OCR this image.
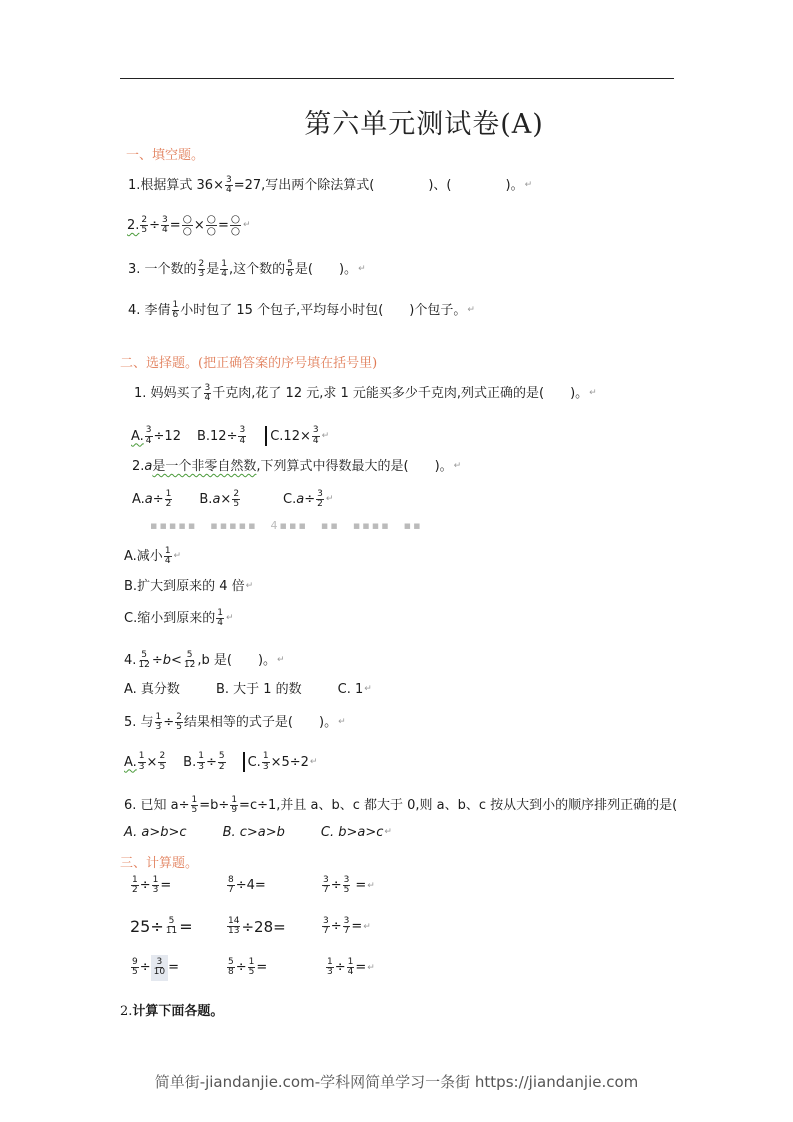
第六单元测试卷(A)
一、填空题。
1.根据算式 $36 \times \frac{3}{4} =27$,写出两个除法算式(	)、(	)。 ↵
2. $\frac{2}{5} \div \frac{3}{4} = \frac{○}{○} \times \frac{○}{○} = \frac{○}{○}$ ↵
3. 一个数的 $\frac{2}{3}$ 是 $\frac{1}{4}$ ,这个数的 $\frac{5}{6}$ 是(　　)。 ↵
4. 李倩 $\frac{1}{6}$ 小时包了 15 个包子,平均每小时包(　　)个包子。 ↵
二、选择题。(把正确答案的序号填在括号里)
1. 妈妈买了 $\frac{3}{4}$ 千克肉,花了 12 元,求 1 元能买多少千克肉,列式正确的是(　　)。 ↵
A. $\frac{3}{4} \div 12$ B. $12\div \frac{3}{4} C$. $12\times \frac{3}{4}$ ↵
2. a 是一个非零自然数 ,下列算式中得数最大的是(　　)。 ↵
A. $a\div \frac{1}{2} B$. $a\times \frac{2}{5}$	C. $a\div \frac{3}{2}$ ↵
▪▪▪▪▪　▪▪▪▪▪　4▪▪▪　▪▪　▪▪▪▪　▪▪
A. 减小 $\frac{1}{4}$ ↵
B. 扩大到原来的 4 倍 ↵
C. 缩小到原来的 $\frac{1}{4}$ ↵
4. $\frac{5}{12} \div b< \frac{5}{12} ,b$ 是(　　)。 ↵
A. 真分数	B. 大于 1 的数	C. 1 ↵
5. 与 $\frac{1}{3} \div \frac{2}{5}$ 结果相等的式子是(　　)。 ↵
A. $\frac{1}{3} \times \frac{2}{5} B$. $\frac{1}{3} \div \frac{5}{2} C$. $\frac{1}{3} \times 5\div 2$ ↵
6. 已知 $a\div \frac{1}{5} =b\div \frac{1}{9} =c\div 1$,并且 a、b、c 都大于 0,则 a、b、c 按从大到小的顺序排列正确的是(
A. a>b>c	B. c>a>b	C. b>a>c ↵
三、计算题。
$\frac{1}{2} \div \frac{1}{3}$ =	$\frac{8}{7} \div 4$ =	$\frac{3}{7} \div \frac{3}{5}$ = ↵
$25 \div \frac{5}{11}$ =	$\frac{14}{13} \div 28$ =	$\frac{3}{7} \div \frac{3}{7}$ = ↵
$\frac{9}{5} \div \frac{3}{10}$ =	$\frac{5}{8} \div \frac{1}{5}$ =	$\frac{1}{3} \div \frac{1}{4}$ = ↵
2.计算下面各题。
简单街-jiandanjie.com-学科网简单学习一条街 https://jiandanjie.com
